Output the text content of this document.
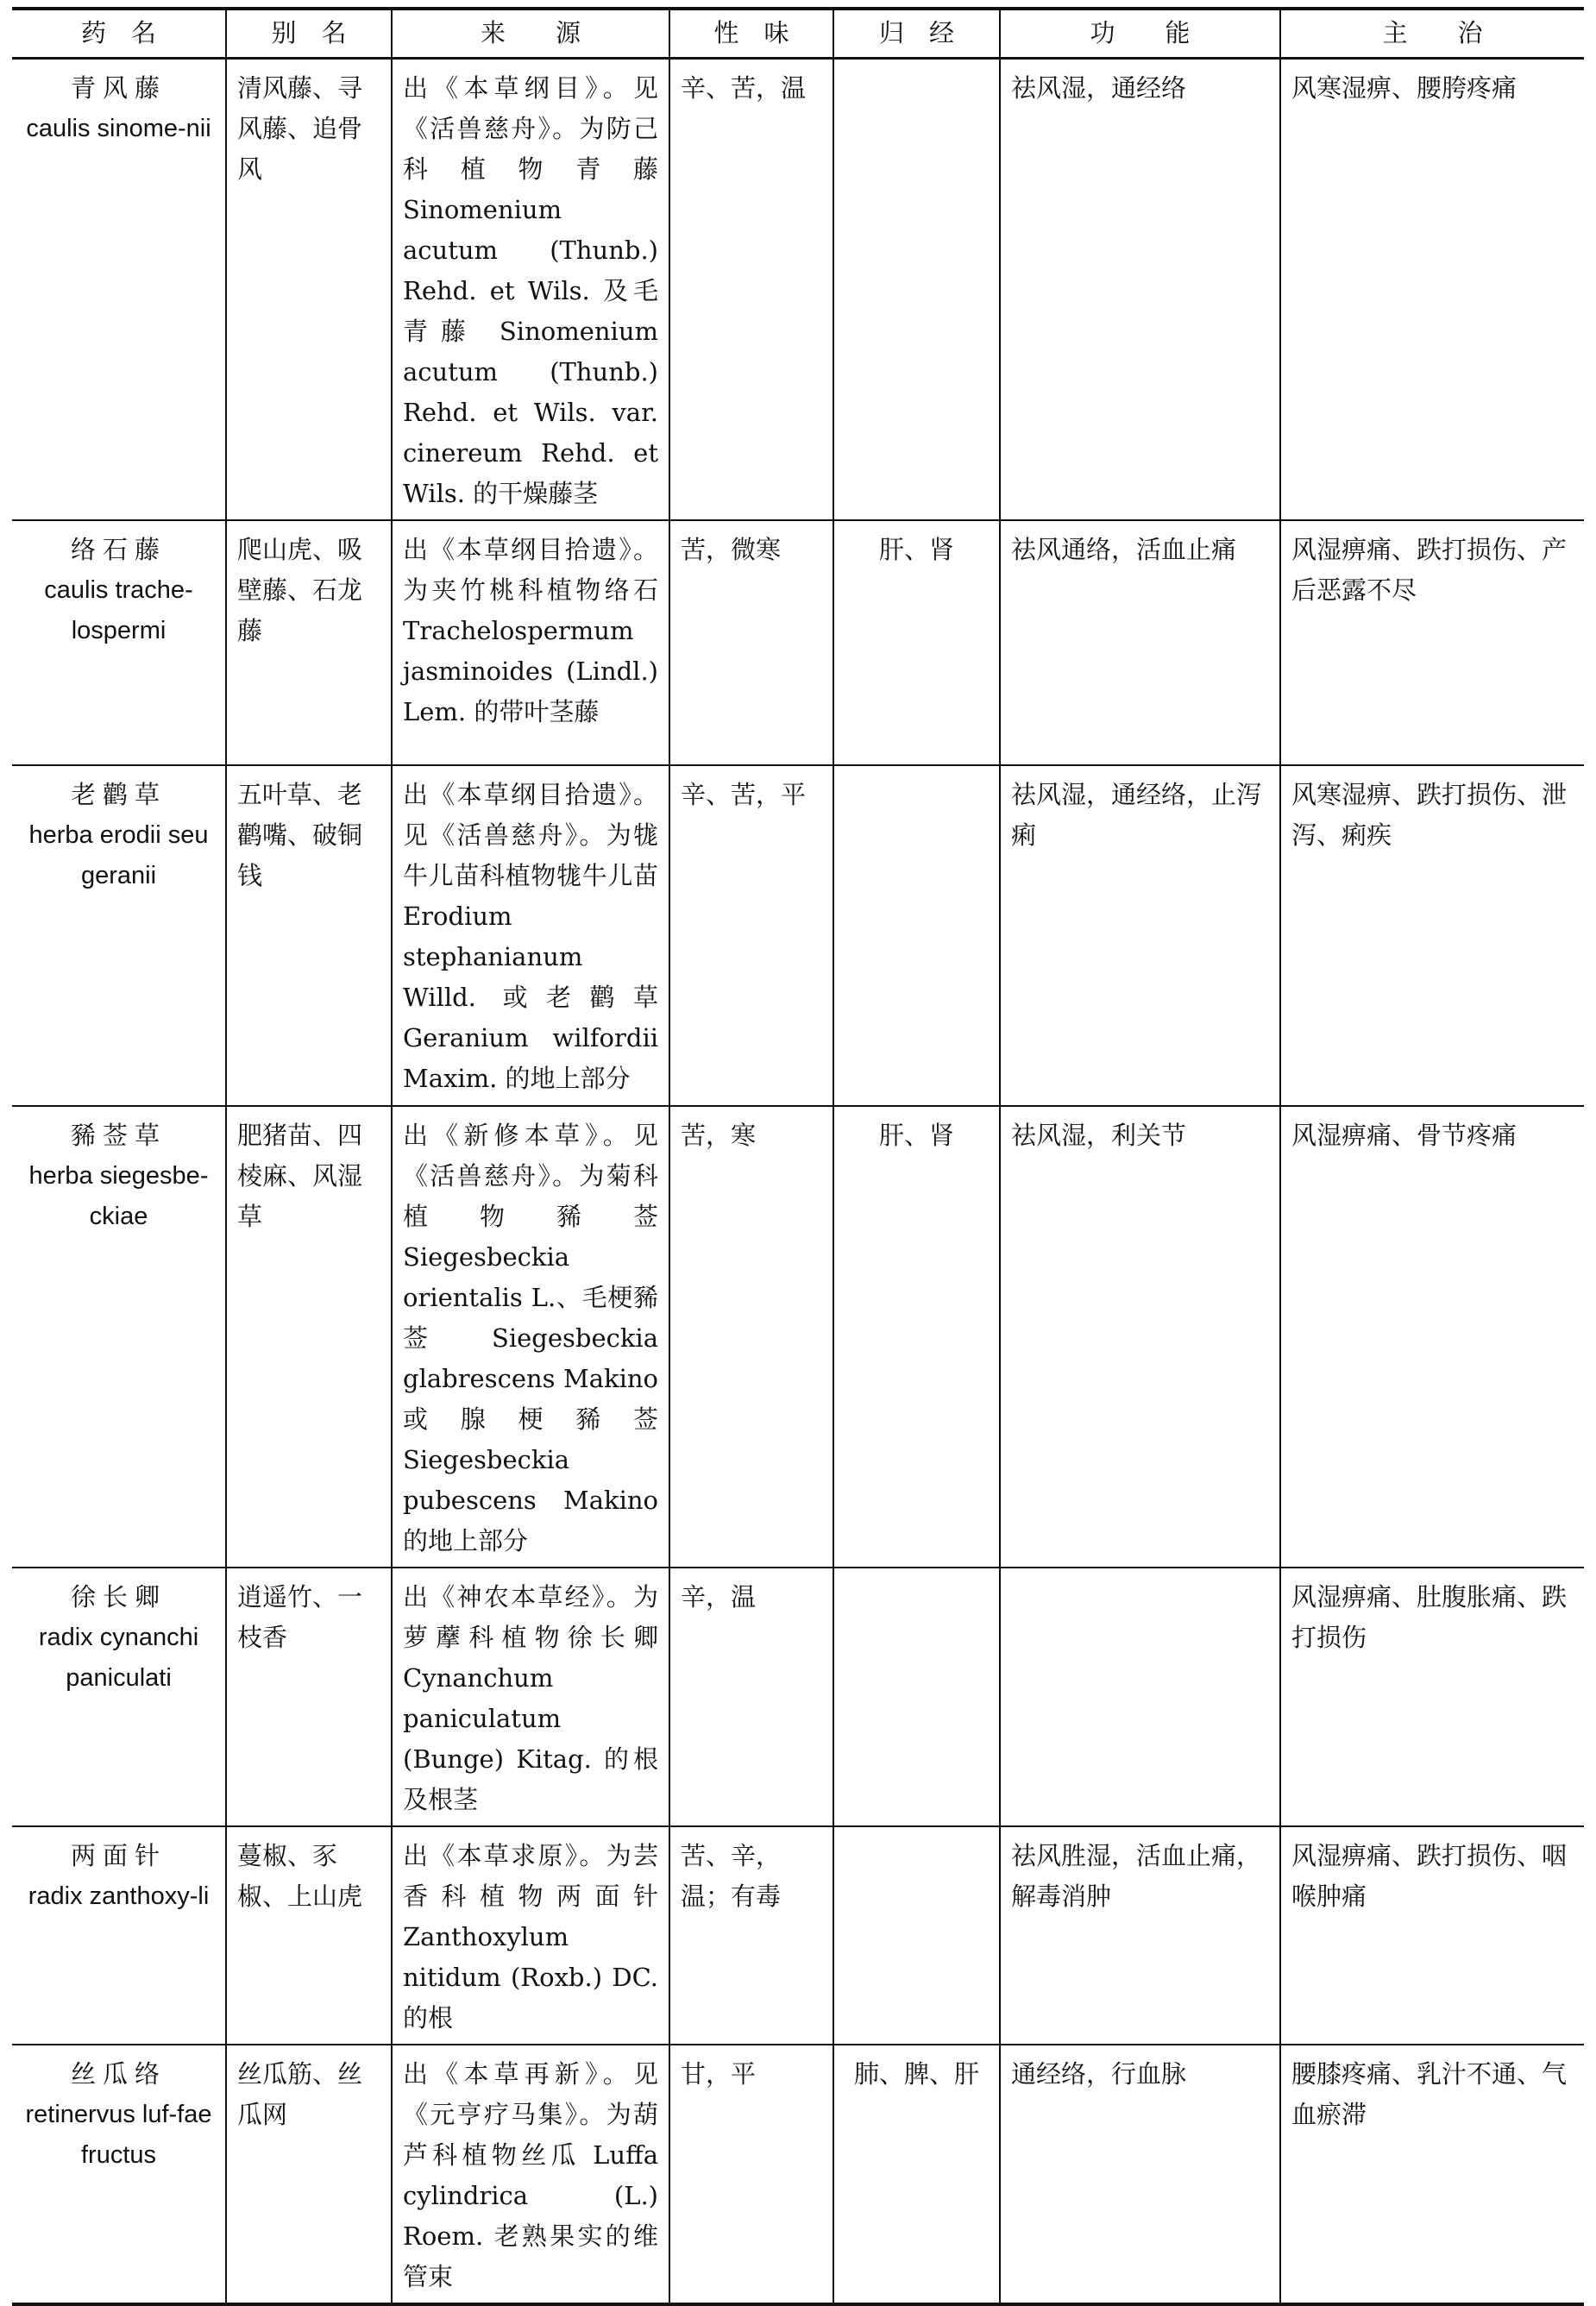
药　名	别　名	来　　源	性　味	归　经	功　　能	主　　治

青风藤
caulis sinome-nii	清风藤、寻风藤、追骨风	出《本草纲目》。见《活兽慈舟》。为防己科植物青藤 Sinomenium acutum (Thunb.) Rehd. et Wils. 及毛青藤 Sinomenium acutum (Thunb.) Rehd. et Wils. var. cinereum Rehd. et Wils. 的干燥藤茎	辛、苦，温		祛风湿，通经络	风寒湿痹、腰胯疼痛

络石藤
caulis trache-lospermi	爬山虎、吸壁藤、石龙藤	出《本草纲目拾遗》。为夹竹桃科植物络石 Trachelospermum jasminoides (Lindl.) Lem. 的带叶茎藤	苦，微寒	肝、肾	祛风通络，活血止痛	风湿痹痛、跌打损伤、产后恶露不尽

老鹳草
herba erodii seu geranii	五叶草、老鹳嘴、破铜钱	出《本草纲目拾遗》。见《活兽慈舟》。为牻牛儿苗科植物牻牛儿苗 Erodium stephanianum Willd. 或老鹳草 Geranium wilfordii Maxim. 的地上部分	辛、苦，平		祛风湿，通经络，止泻痢	风寒湿痹、跌打损伤、泄泻、痢疾

豨莶草
herba siegesbe-ckiae	肥猪苗、四棱麻、风湿草	出《新修本草》。见《活兽慈舟》。为菊科植物豨莶 Siegesbeckia orientalis L.、毛梗豨莶 Siegesbeckia glabrescens Makino 或腺梗豨莶 Siegesbeckia pubescens Makino 的地上部分	苦，寒	肝、肾	祛风湿，利关节	风湿痹痛、骨节疼痛

徐长卿
radix cynanchi paniculati	逍遥竹、一枝香	出《神农本草经》。为萝藦科植物徐长卿 Cynanchum paniculatum (Bunge) Kitag. 的根及根茎	辛，温			风湿痹痛、肚腹胀痛、跌打损伤

两面针
radix zanthoxy-li	蔓椒、豕椒、上山虎	出《本草求原》。为芸香科植物两面针 Zanthoxylum nitidum (Roxb.) DC. 的根	苦、辛，温；有毒		祛风胜湿，活血止痛，解毒消肿	风湿痹痛、跌打损伤、咽喉肿痛

丝瓜络
retinervus luf-fae fructus	丝瓜筋、丝瓜网	出《本草再新》。见《元亨疗马集》。为葫芦科植物丝瓜 Luffa cylindrica (L.) Roem. 老熟果实的维管束	甘，平	肺、脾、肝	通经络，行血脉	腰膝疼痛、乳汁不通、气血瘀滞
